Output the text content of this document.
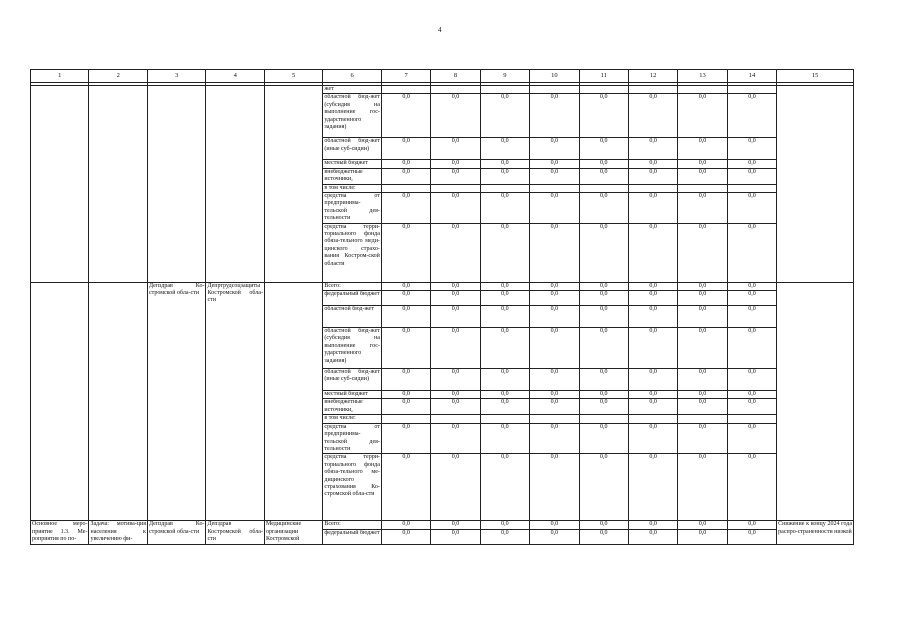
4
1	2	3	4	5	6	7	8	9	10	11	12	13	14	15

					жет									
					областной бюд-жет (субсидия на выполнение гос-ударственного задания)	0,0	0,0	0,0	0,0	0,0	0,0	0,0	0,0	
					областной бюд-жет (иные суб-сидии)	0,0	0,0	0,0	0,0	0,0	0,0	0,0	0,0	
					местный бюджет	0,0	0,0	0,0	0,0	0,0	0,0	0,0	0,0	
					внебюджетные источники,	0,0	0,0	0,0	0,0	0,0	0,0	0,0	0,0	
					в том числе:									
					средства от предпринима-тельской дея-тельности	0,0	0,0	0,0	0,0	0,0	0,0	0,0	0,0	
					средства терри-ториального фонда обяза-тельного меди-цинского страхо-вания Костром-ской области	0,0	0,0	0,0	0,0	0,0	0,0	0,0	0,0	
		Депздрав Ко-стромской обла-сти	Депртрудсоцзащиты Костромской обла-сти		Всего:	0,0	0,0	0,0	0,0	0,0	0,0	0,0	0,0	
					федеральный бюджет	0,0	0,0	0,0	0,0	0,0	0,0	0,0	0,0	
					областной бюд-жет	0,0	0,0	0,0	0,0	0,0	0,0	0,0	0,0	
					областной бюд-жет (субсидия на выполнение гос-ударственного задания)	0,0	0,0	0,0	0,0	0,0	0,0	0,0	0,0	
					областной бюд-жет (иные суб-сидии)	0,0	0,0	0,0	0,0	0,0	0,0	0,0	0,0	
					местный бюджет	0,0	0,0	0,0	0,0	0,0	0,0	0,0	0,0	
					внебюджетные источники,	0,0	0,0	0,0	0,0	0,0	0,0	0,0	0,0	
					в том числе:									
					средства от предпринима-тельской дея-тельности	0,0	0,0	0,0	0,0	0,0	0,0	0,0	0,0	
					средства терри-ториального фонда обяза-тельного ме-дицинского страхования Ко-стромской обла-сти	0,0	0,0	0,0	0,0	0,0	0,0	0,0	0,0	
Основное меро-приятие 1.3. Ме-роприятия по по-	Задача: мотива-ция населения к увеличению фи-	Депздрав Ко-стромской обла-сти	Депздрав Костромской обла-сти	Медицинские организации Костромской	Всего:	0,0	0,0	0,0	0,0	0,0	0,0	0,0	0,0	Снижение к концу 2024 года распро-страненности низкой
					федеральный бюджет	0,0	0,0	0,0	0,0	0,0	0,0	0,0	0,0	
